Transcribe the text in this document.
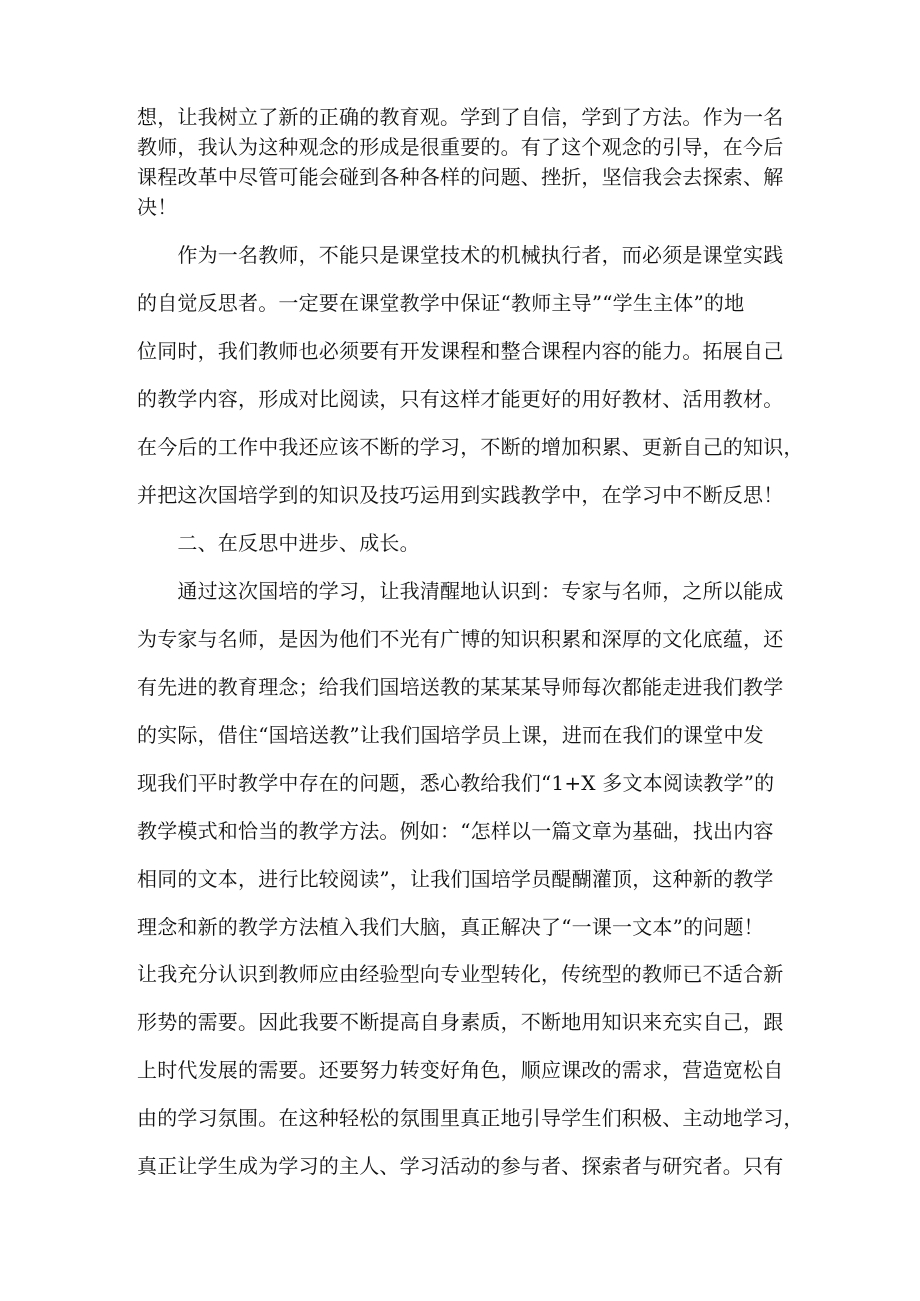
想，让我树立了新的正确的教育观。学到了自信，学到了方法。作为一名
教师，我认为这种观念的形成是很重要的。有了这个观念的引导，在今后
课程改革中尽管可能会碰到各种各样的问题、挫折，坚信我会去探索、解
决！
　　作为一名教师，不能只是课堂技术的机械执行者，而必须是课堂实践
的自觉反思者。一定要在课堂教学中保证“教师主导”“学生主体”的地
位同时，我们教师也必须要有开发课程和整合课程内容的能力。拓展自己
的教学内容，形成对比阅读，只有这样才能更好的用好教材、活用教材。
在今后的工作中我还应该不断的学习，不断的增加积累、更新自己的知识，
并把这次国培学到的知识及技巧运用到实践教学中，在学习中不断反思！
　　二、在反思中进步、成长。
　　通过这次国培的学习，让我清醒地认识到：专家与名师，之所以能成
为专家与名师，是因为他们不光有广博的知识积累和深厚的文化底蕴，还
有先进的教育理念；给我们国培送教的某某某导师每次都能走进我们教学
的实际，借住“国培送教”让我们国培学员上课，进而在我们的课堂中发
现我们平时教学中存在的问题，悉心教给我们“1+X 多文本阅读教学”的
教学模式和恰当的教学方法。例如：“怎样以一篇文章为基础，找出内容
相同的文本，进行比较阅读”，让我们国培学员醍醐灌顶，这种新的教学
理念和新的教学方法植入我们大脑，真正解决了“一课一文本”的问题！
让我充分认识到教师应由经验型向专业型转化，传统型的教师已不适合新
形势的需要。因此我要不断提高自身素质，不断地用知识来充实自己，跟
上时代发展的需要。还要努力转变好角色，顺应课改的需求，营造宽松自
由的学习氛围。在这种轻松的氛围里真正地引导学生们积极、主动地学习，
真正让学生成为学习的主人、学习活动的参与者、探索者与研究者。只有
